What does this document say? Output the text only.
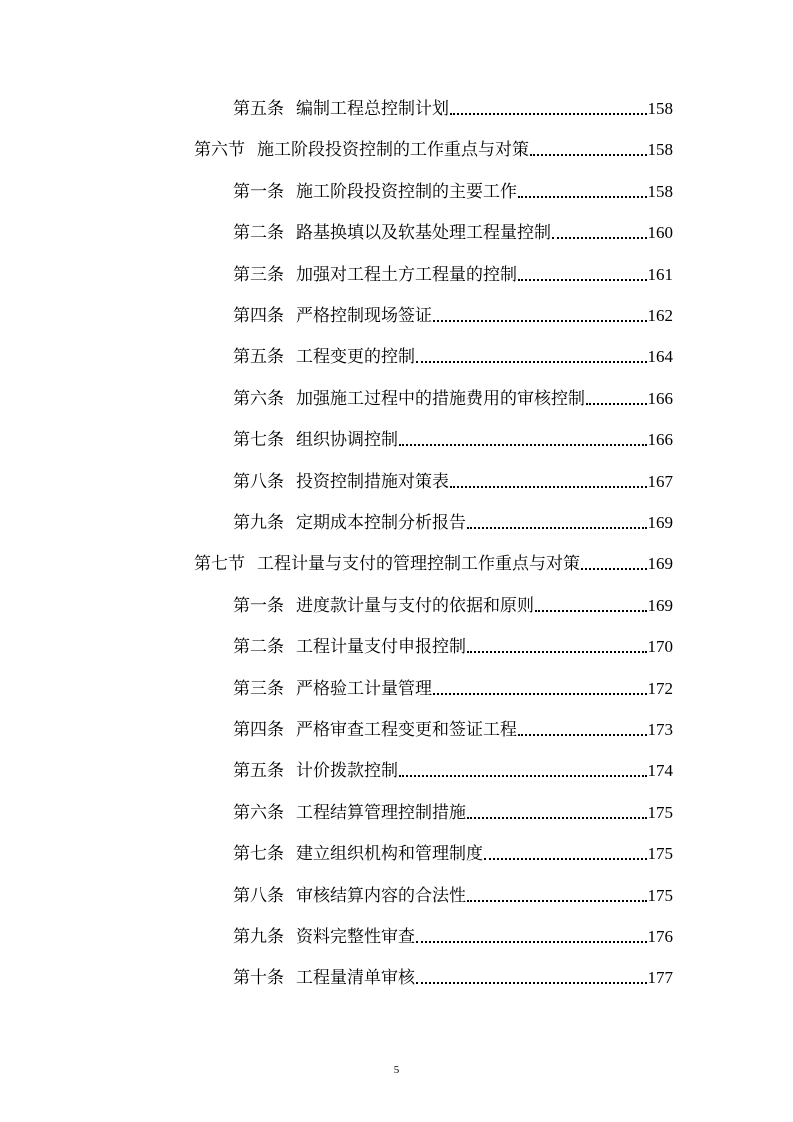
第五条 编制工程总控制计划	158
第六节 施工阶段投资控制的工作重点与对策	158
第一条 施工阶段投资控制的主要工作	158
第二条 路基换填以及软基处理工程量控制	160
第三条 加强对工程土方工程量的控制	161
第四条 严格控制现场签证	162
第五条 工程变更的控制	164
第六条 加强施工过程中的措施费用的审核控制	166
第七条 组织协调控制	166
第八条 投资控制措施对策表	167
第九条 定期成本控制分析报告	169
第七节 工程计量与支付的管理控制工作重点与对策	169
第一条 进度款计量与支付的依据和原则	169
第二条 工程计量支付申报控制	170
第三条 严格验工计量管理	172
第四条 严格审查工程变更和签证工程	173
第五条 计价拨款控制	174
第六条 工程结算管理控制措施	175
第七条 建立组织机构和管理制度	175
第八条 审核结算内容的合法性	175
第九条 资料完整性审查	176
第十条 工程量清单审核	177
5
